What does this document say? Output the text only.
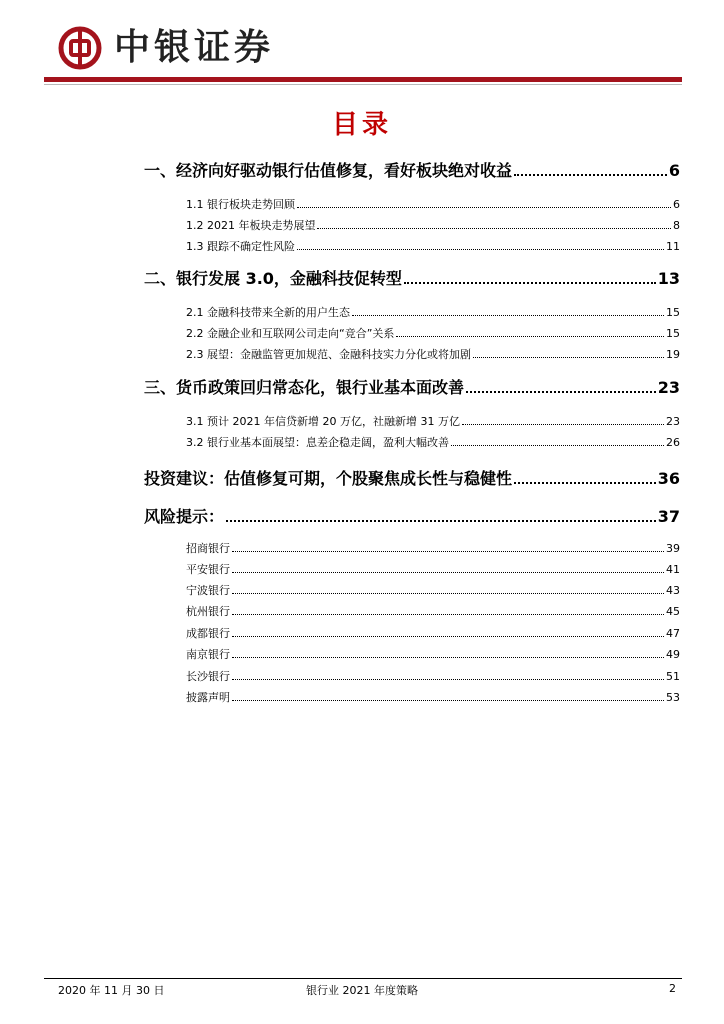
中银证券
目录
一、经济向好驱动银行估值修复，看好板块绝对收益	6
1.1 银行板块走势回顾	6
1.2 2021 年板块走势展望	8
1.3 跟踪不确定性风险	11
二、银行发展 3.0，金融科技促转型	13
2.1 金融科技带来全新的用户生态	15
2.2 金融企业和互联网公司走向“竞合”关系	15
2.3 展望：金融监管更加规范、金融科技实力分化或将加剧	19
三、货币政策回归常态化，银行业基本面改善	23
3.1 预计 2021 年信贷新增 20 万亿，社融新增 31 万亿	23
3.2 银行业基本面展望：息差企稳走阔，盈利大幅改善	26
投资建议：估值修复可期，个股聚焦成长性与稳健性	36
风险提示：	37
招商银行	39
平安银行	41
宁波银行	43
杭州银行	45
成都银行	47
南京银行	49
长沙银行	51
披露声明	53
2020 年 11 月 30 日	银行业 2021 年度策略	2
